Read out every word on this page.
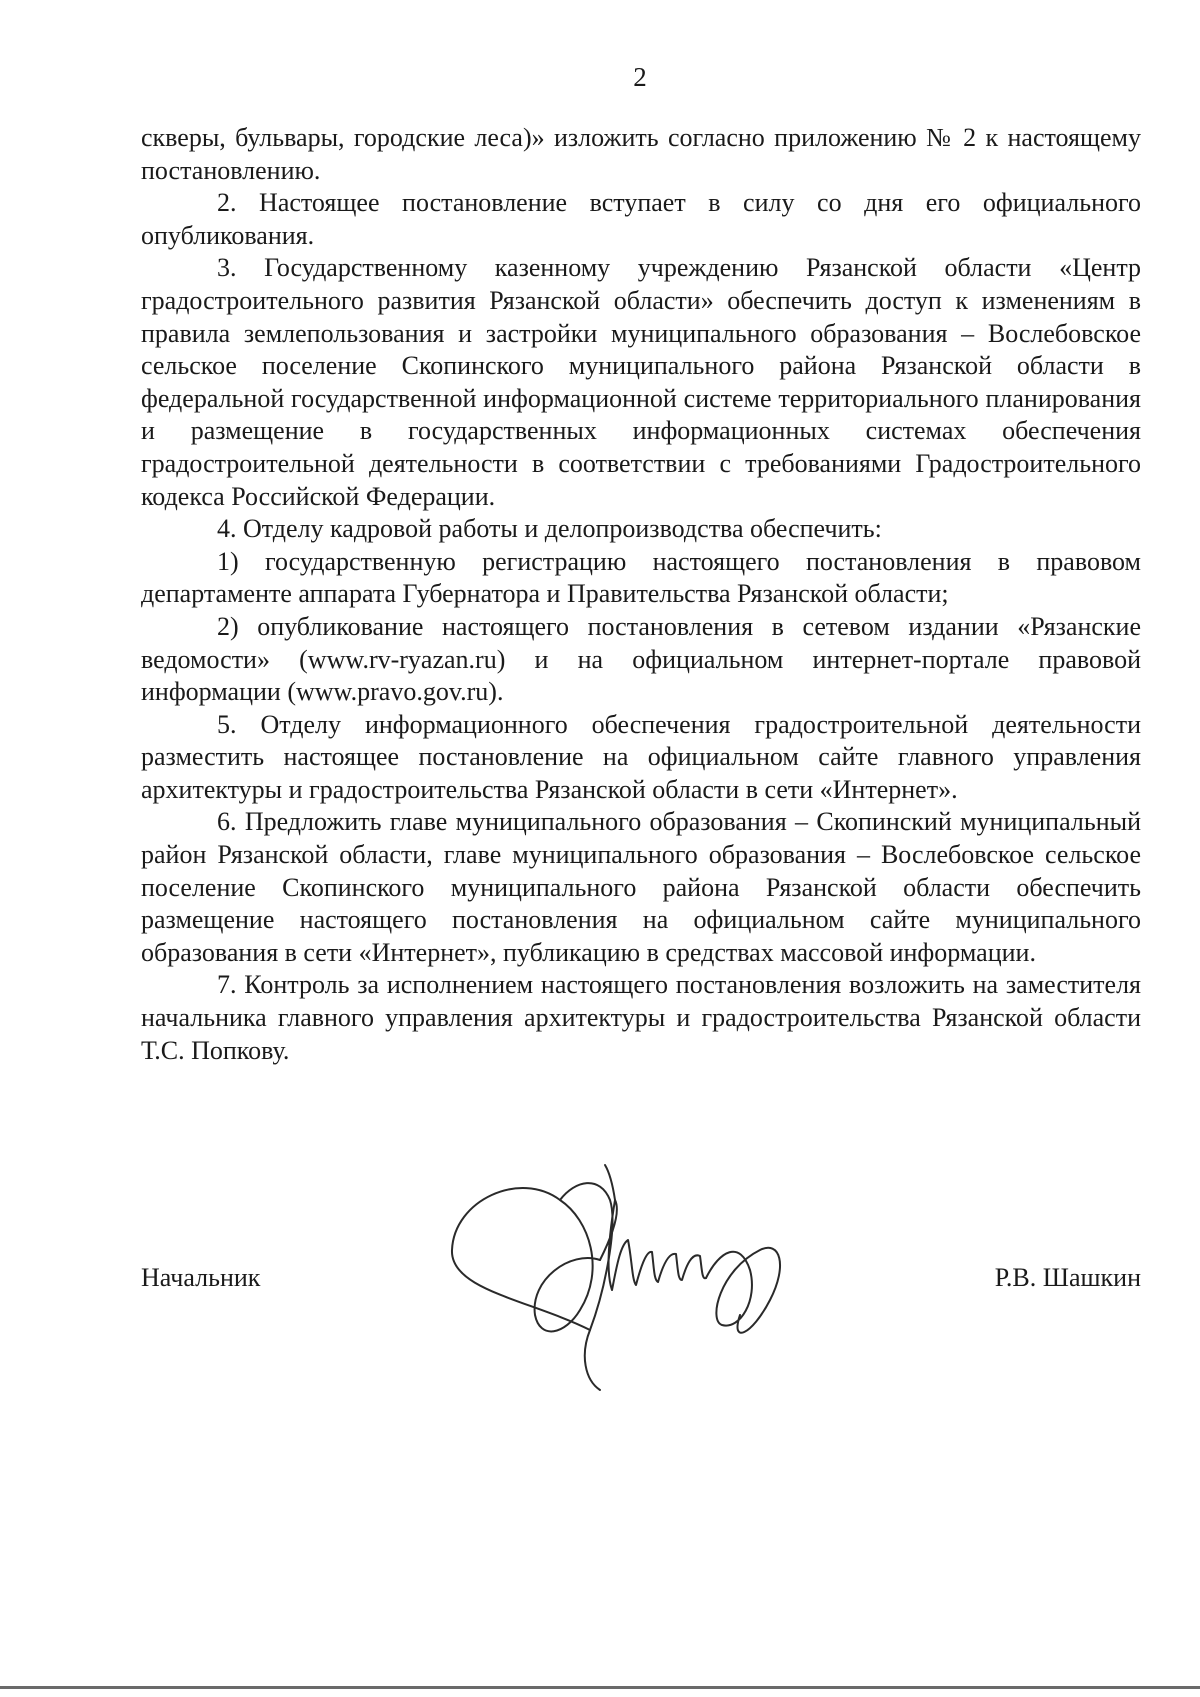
2

скверы, бульвары, городские леса)» изложить согласно приложению № 2 к настоящему постановлению.

2. Настоящее постановление вступает в силу со дня его официального опубликования.

3. Государственному казенному учреждению Рязанской области «Центр градостроительного развития Рязанской области» обеспечить доступ к изменениям в правила землепользования и застройки муниципального образования – Вослебовское сельское поселение Скопинского муниципального района Рязанской области в федеральной государственной информационной системе территориального планирования и размещение в государственных информационных системах обеспечения градостроительной деятельности в соответствии с требованиями Градостроительного кодекса Российской Федерации.

4. Отделу кадровой работы и делопроизводства обеспечить:

1) государственную регистрацию настоящего постановления в правовом департаменте аппарата Губернатора и Правительства Рязанской области;

2) опубликование настоящего постановления в сетевом издании «Рязанские ведомости» (www.rv-ryazan.ru) и на официальном интернет-портале правовой информации (www.pravo.gov.ru).

5. Отделу информационного обеспечения градостроительной деятельности разместить настоящее постановление на официальном сайте главного управления архитектуры и градостроительства Рязанской области в сети «Интернет».

6. Предложить главе муниципального образования – Скопинский муниципальный район Рязанской области, главе муниципального образования – Вослебовское сельское поселение Скопинского муниципального района Рязанской области обеспечить размещение настоящего постановления на официальном сайте муниципального образования в сети «Интернет», публикацию в средствах массовой информации.

7. Контроль за исполнением настоящего постановления возложить на заместителя начальника главного управления архитектуры и градостроительства Рязанской области Т.С. Попкову.

Начальник	Р.В. Шашкин
